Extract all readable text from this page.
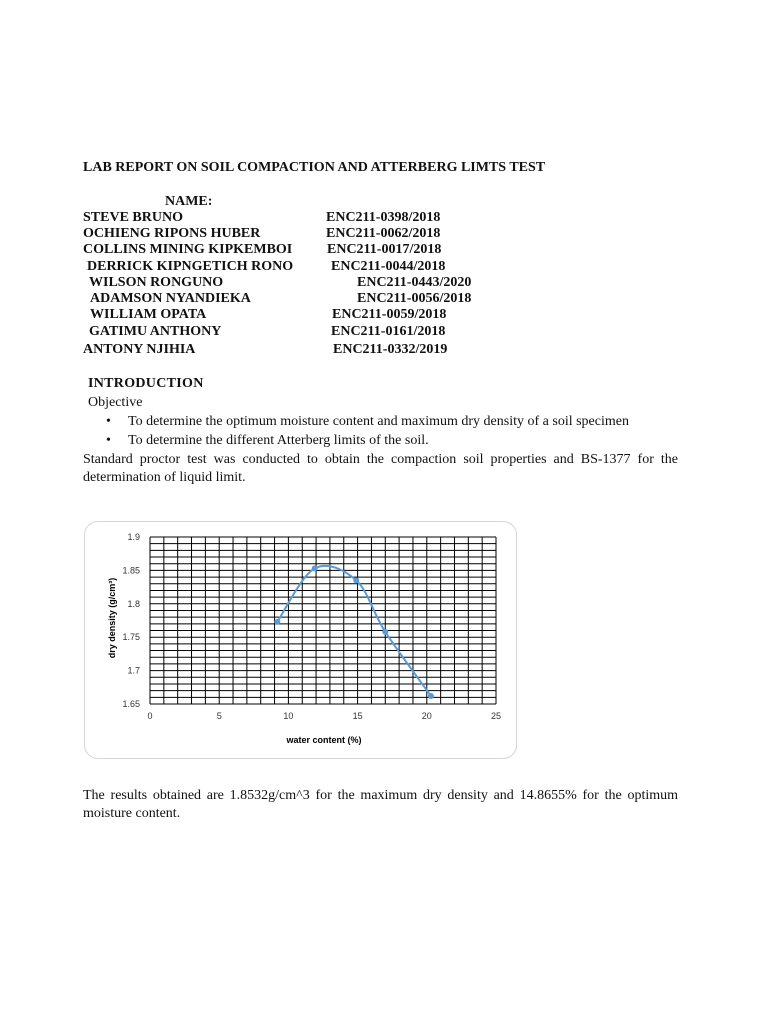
LAB REPORT ON SOIL COMPACTION AND ATTERBERG LIMTS TEST
NAME:
STEVE BRUNO	ENC211-0398/2018
OCHIENG RIPONS HUBER	ENC211-0062/2018
COLLINS MINING KIPKEMBOI ENC211-0017/2018
DERRICK KIPNGETICH RONO	ENC211-0044/2018
WILSON RONGUNO	ENC211-0443/2020
ADAMSON NYANDIEKA	ENC211-0056/2018
WILLIAM OPATA	ENC211-0059/2018
GATIMU ANTHONY	ENC211-0161/2018
ANTONY NJIHIA	ENC211-0332/2019
INTRODUCTION
Objective
• To determine the optimum moisture content and maximum dry density of a soil specimen
• To determine the different Atterberg limits of the soil.
Standard proctor test was conducted to obtain the compaction soil properties and BS-1377 for the determination of liquid limit.
0	5	10	15	20	25
1.65
1.7
1.75
1.8
1.85
1.9
water content (%)
dry density (g/cm³)
The results obtained are 1.8532g/cm^3 for the maximum dry density and 14.8655% for the optimum moisture content.
